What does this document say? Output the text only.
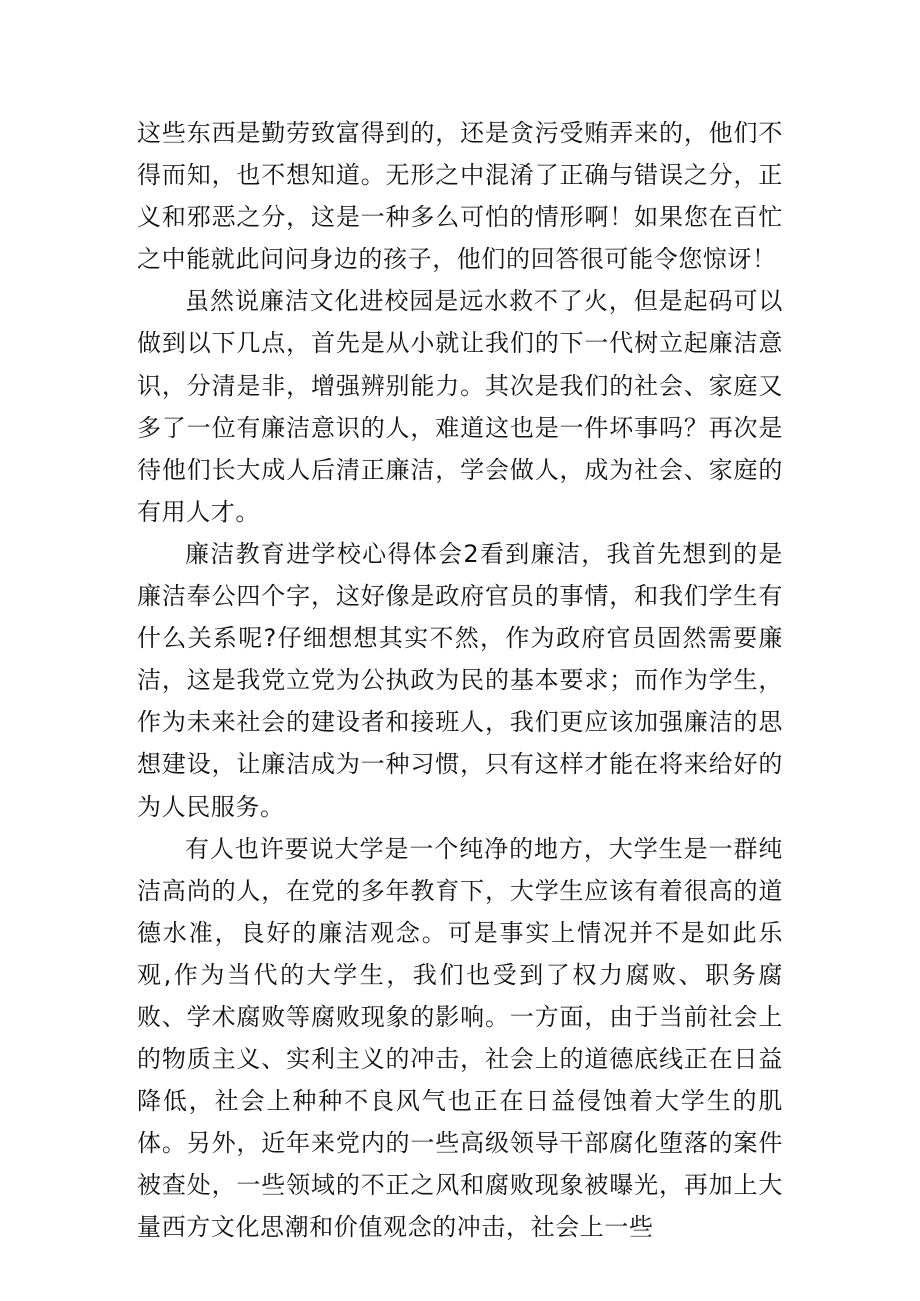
这些东西是勤劳致富得到的，还是贪污受贿弄来的，他们不得而知，也不想知道。无形之中混淆了正确与错误之分，正义和邪恶之分，这是一种多么可怕的情形啊！如果您在百忙之中能就此问问身边的孩子，他们的回答很可能令您惊讶！

虽然说廉洁文化进校园是远水救不了火，但是起码可以做到以下几点，首先是从小就让我们的下一代树立起廉洁意识，分清是非，增强辨别能力。其次是我们的社会、家庭又多了一位有廉洁意识的人，难道这也是一件坏事吗？再次是待他们长大成人后清正廉洁，学会做人，成为社会、家庭的有用人才。

廉洁教育进学校心得体会2看到廉洁，我首先想到的是廉洁奉公四个字，这好像是政府官员的事情，和我们学生有什么关系呢?仔细想想其实不然，作为政府官员固然需要廉洁，这是我党立党为公执政为民的基本要求；而作为学生，作为未来社会的建设者和接班人，我们更应该加强廉洁的思想建设，让廉洁成为一种习惯，只有这样才能在将来给好的为人民服务。

有人也许要说大学是一个纯净的地方，大学生是一群纯洁高尚的人，在党的多年教育下，大学生应该有着很高的道德水准，良好的廉洁观念。可是事实上情况并不是如此乐观,作为当代的大学生，我们也受到了权力腐败、职务腐败、学术腐败等腐败现象的影响。一方面，由于当前社会上的物质主义、实利主义的冲击，社会上的道德底线正在日益降低，社会上种种不良风气也正在日益侵蚀着大学生的肌体。另外，近年来党内的一些高级领导干部腐化堕落的案件被查处，一些领域的不正之风和腐败现象被曝光，再加上大量西方文化思潮和价值观念的冲击，社会上一些
